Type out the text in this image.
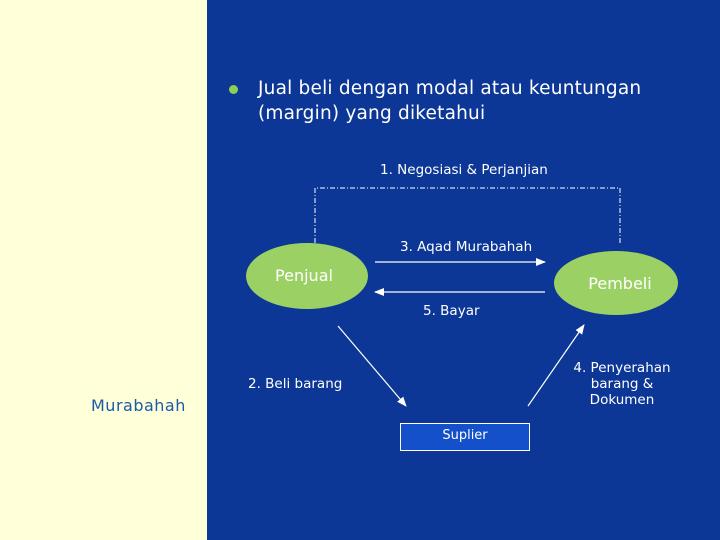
Jual beli dengan modal atau keuntungan
(margin) yang diketahui
1. Negosiasi & Perjanjian
3. Aqad Murabahah
5. Bayar
2. Beli barang
4. Penyerahan
barang &
Dokumen
Penjual	Pembeli
Suplier
Murabahah
